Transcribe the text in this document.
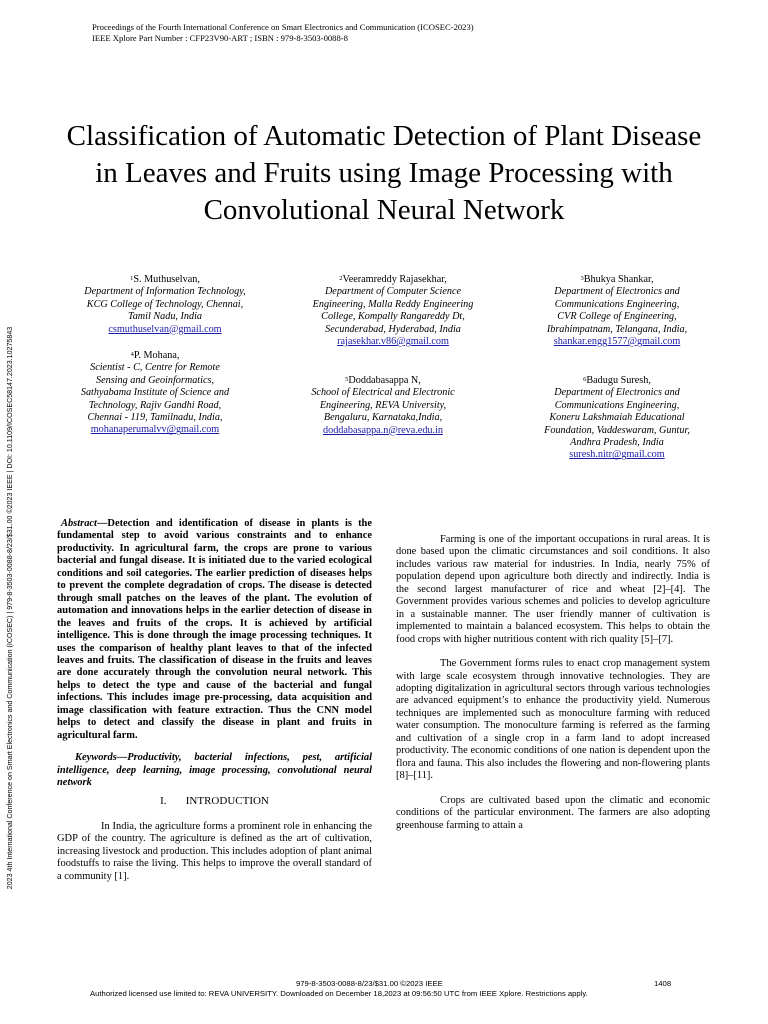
Proceedings of the Fourth International Conference on Smart Electronics and Communication (ICOSEC-2023)
IEEE Xplore Part Number : CFP23V90-ART ; ISBN : 979-8-3503-0088-8
2023 4th International Conference on Smart Electronics and Communication (ICOSEC) | 979-8-3503-0088-8/23/$31.00 ©2023 IEEE | DOI: 10.1109/ICOSEC58147.2023.10275843
Classification of Automatic Detection of Plant Disease in Leaves and Fruits using Image Processing with Convolutional Neural Network
$^1$S. Muthuselvan,
Department of Information Technology,
KCG College of Technology, Chennai,
Tamil Nadu, India
csmuthuselvan@gmail.com
$^2$Veeramreddy Rajasekhar,
Department of Computer Science
Engineering, Malla Reddy Engineering
College, Kompally Rangareddy Dt,
Secunderabad, Hyderabad, India
rajasekhar.v86@gmail.com
$^3$Bhukya Shankar,
Department of Electronics and
Communications Engineering,
CVR College of Engineering,
Ibrahimpatnam, Telangana, India,
shankar.engg1577@gmail.com
$^4$P. Mohana,
Scientist - C, Centre for Remote
Sensing and Geoinformatics,
Sathyabama Institute of Science and
Technology, Rajiv Gandhi Road,
Chennai - 119, Tamilnadu, India,
mohanaperumalvv@gmail.com
$^5$Doddabasappa N,
School of Electrical and Electronic
Engineering, REVA University,
Bengaluru, Karnataka,India,
doddabasappa.n@reva.edu.in
$^6$Badugu Suresh,
Department of Electronics and
Communications Engineering,
Koneru Lakshmaiah Educational
Foundation, Vaddeswaram, Guntur,
Andhra Pradesh, India
suresh.nitr@gmail.com

Abstract—Detection and identification of disease in plants is the fundamental step to avoid various constraints and to enhance productivity. In agricultural farm, the crops are prone to various bacterial and fungal disease. It is initiated due to the varied ecological conditions and soil categories. The earlier prediction of diseases helps to prevent the complete degradation of crops. The disease is detected through small patches on the leaves of the plant. The evolution of automation and innovations helps in the earlier detection of disease in the leaves and fruits of the crops. It is achieved by artificial intelligence. This is done through the image processing techniques. It uses the comparison of healthy plant leaves to that of the infected leaves and fruits. The classification of disease in the fruits and leaves are done accurately through the convolution neural network. This helps to detect the type and cause of the bacterial and fungal infections. This includes image pre-processing, data acquisition and image classification with feature extraction. Thus the CNN model helps to detect and classify the disease in plant and fruits in agricultural farm.

Keywords—Productivity, bacterial infections, pest, artificial intelligence, deep learning, image processing, convolutional neural network

I.       INTRODUCTION

In India, the agriculture forms a prominent role in enhancing the GDP of the country. The agriculture is defined as the art of cultivation, increasing livestock and production. This includes adoption of plant animal foodstuffs to raise the living. This helps to improve the overall standard of a community [1].

Farming is one of the important occupations in rural areas. It is done based upon the climatic circumstances and soil conditions. It also includes various raw material for industries. In India, nearly 75% of population depend upon agriculture both directly and indirectly. India is the second largest manufacturer of rice and wheat [2]–[4]. The Government provides various schemes and policies to develop agriculture in a sustainable manner. The user friendly manner of cultivation is implemented to maintain a balanced ecosystem. This helps to obtain the food crops with higher nutritious content with rich quality [5]–[7].

The Government forms rules to enact crop management system with large scale ecosystem through innovative technologies. They are adopting digitalization in agricultural sectors through various technologies are advanced equipment’s to enhance the productivity yield. Numerous techniques are implemented such as monoculture farming with reduced water consumption. The monoculture farming is referred as the farming and cultivation of a single crop in a farm land to adopt increased productivity. The economic conditions of one nation is dependent upon the flora and fauna. This also includes the flowering and non-flowering plants [8]–[11].

Crops are cultivated based upon the climatic and economic conditions of the particular environment. The farmers are also adopting greenhouse farming to attain a

979-8-3503-0088-8/23/$31.00 ©2023 IEEE	1408
Authorized licensed use limited to: REVA UNIVERSITY. Downloaded on December 18,2023 at 09:56:50 UTC from IEEE Xplore. Restrictions apply.
